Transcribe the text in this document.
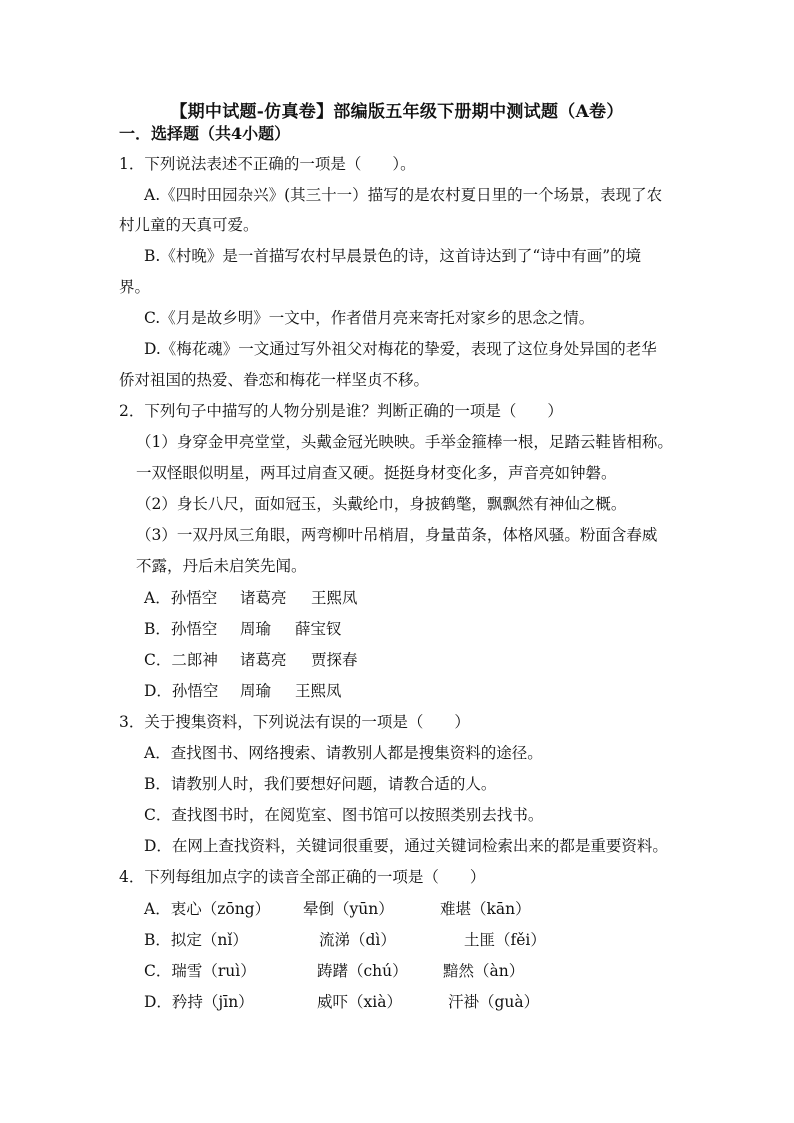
【期中试题-仿真卷】部编版五年级下册期中测试题（A卷）
一．选择题（共4小题）
1．下列说法表述不正确的一项是（　　）。
A.《四时田园杂兴》(其三十一）描写的是农村夏日里的一个场景，表现了农
村儿童的天真可爱。
B.《村晚》是一首描写农村早晨景色的诗，这首诗达到了“诗中有画”的境
界。
C.《月是故乡明》一文中，作者借月亮来寄托对家乡的思念之情。
D.《梅花魂》一文通过写外祖父对梅花的挚爱，表现了这位身处异国的老华
侨对祖国的热爱、眷恋和梅花一样坚贞不移。
2．下列句子中描写的人物分别是谁？判断正确的一项是（　　）
（1）身穿金甲亮堂堂，头戴金冠光映映。手举金箍棒一根，足踏云鞋皆相称。
一双怪眼似明星，两耳过肩查又硬。挺挺身材变化多，声音亮如钟磐。
（2）身长八尺，面如冠玉，头戴纶巾，身披鹤氅，飘飘然有神仙之概。
（3）一双丹凤三角眼，两弯柳叶吊梢眉，身量苗条，体格风骚。粉面含春威
不露，丹后未启笑先闻。
A．孙悟空 诸葛亮 王熙凤
B．孙悟空 周瑜 薛宝钗
C．二郎神 诸葛亮 贾探春
D．孙悟空 周瑜 王熙凤
3．关于搜集资料，下列说法有误的一项是（　　）
A．查找图书、网络搜索、请教别人都是搜集资料的途径。
B．请教别人时，我们要想好问题，请教合适的人。
C．查找图书时，在阅览室、图书馆可以按照类别去找书。
D．在网上查找资料，关键词很重要，通过关键词检索出来的都是重要资料。
4．下列每组加点字的读音全部正确的一项是（　　）
A．衷心（zōng） 晕倒（yūn）	难堪（kān）
B．拟定（nǐ）	流涕（dì）	土匪（fěi）
C．瑞雪（ruì）	踌躇（chú） 黯然（àn）
D．矜持（jīn）	威吓（xià）	汗褂（guà）
